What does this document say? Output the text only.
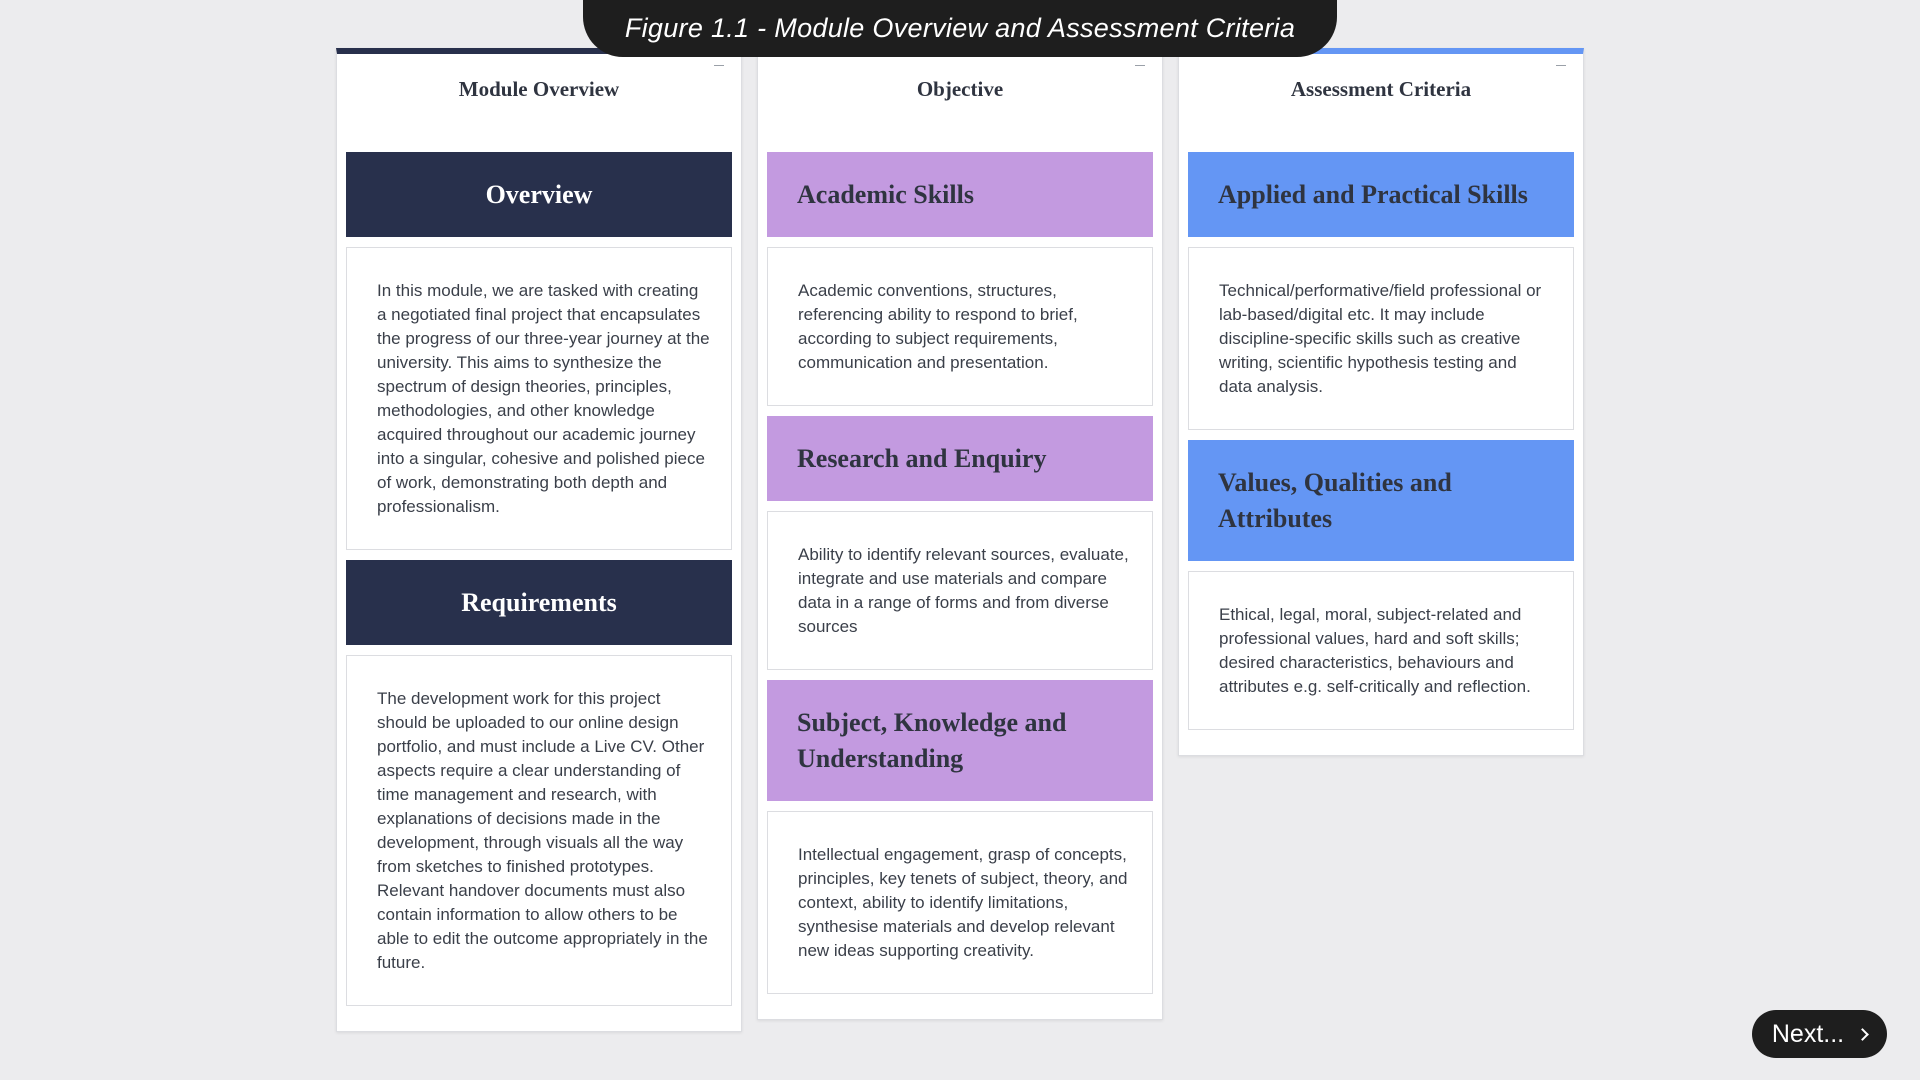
Figure 1.1 - Module Overview and Assessment Criteria
Module Overview
Overview
In this module, we are tasked with creating a negotiated final project that encapsulates the progress of our three-year journey at the university. This aims to synthesize the spectrum of design theories, principles, methodologies, and other knowledge acquired throughout our academic journey into a singular, cohesive and polished piece of work, demonstrating both depth and professionalism.
Requirements
The development work for this project should be uploaded to our online design portfolio, and must include a Live CV. Other aspects require a clear understanding of time management and research, with explanations of decisions made in the development, through visuals all the way from sketches to finished prototypes. Relevant handover documents must also contain information to allow others to be able to edit the outcome appropriately in the future.
Objective
Academic Skills
Academic conventions, structures, referencing ability to respond to brief, according to subject requirements, communication and presentation.
Research and Enquiry
Ability to identify relevant sources, evaluate, integrate and use materials and compare data in a range of forms and from diverse sources
Subject, Knowledge and Understanding
Intellectual engagement, grasp of concepts, principles, key tenets of subject, theory, and context, ability to identify limitations, synthesise materials and develop relevant new ideas supporting creativity.
Assessment Criteria
Applied and Practical Skills
Technical/performative/field professional or lab-based/digital etc. It may include discipline-specific skills such as creative writing, scientific hypothesis testing and data analysis.
Values, Qualities and Attributes
Ethical, legal, moral, subject-related and professional values, hard and soft skills; desired characteristics, behaviours and attributes e.g. self-critically and reflection.
Next...
